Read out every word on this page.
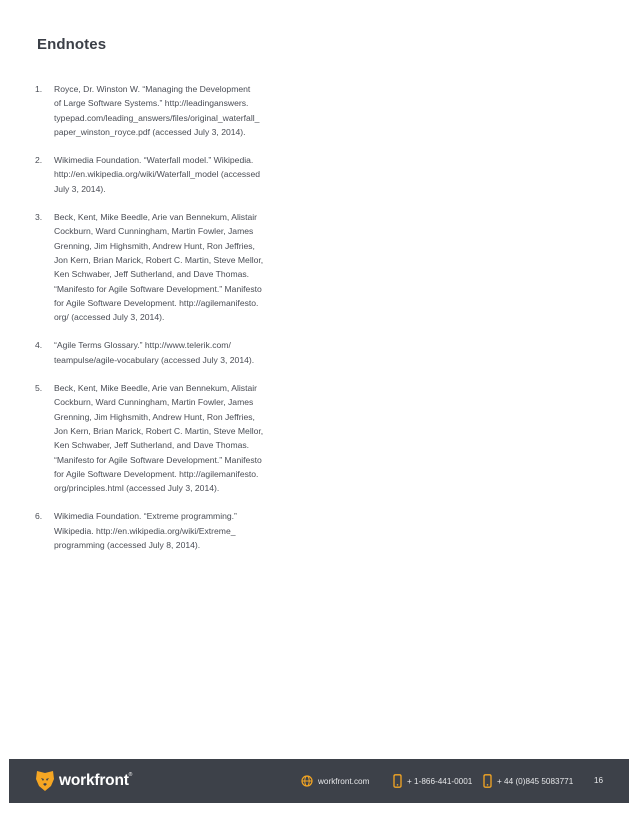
Endnotes
1.	Royce, Dr. Winston W. “Managing the Development
of Large Software Systems.” http://leadinganswers.
typepad.com/leading_answers/files/original_waterfall_
paper_winston_royce.pdf (accessed July 3, 2014).

2.	Wikimedia Foundation. “Waterfall model.” Wikipedia.
http://en.wikipedia.org/wiki/Waterfall_model (accessed
July 3, 2014).

3.	Beck, Kent, Mike Beedle, Arie van Bennekum, Alistair
Cockburn, Ward Cunningham, Martin Fowler, James
Grenning, Jim Highsmith, Andrew Hunt, Ron Jeffries,
Jon Kern, Brian Marick, Robert C. Martin, Steve Mellor,
Ken Schwaber, Jeff Sutherland, and Dave Thomas.
“Manifesto for Agile Software Development.” Manifesto
for Agile Software Development. http://agilemanifesto.
org/ (accessed July 3, 2014).

4.	“Agile Terms Glossary.” http://www.telerik.com/
teampulse/agile-vocabulary (accessed July 3, 2014).

5.	Beck, Kent, Mike Beedle, Arie van Bennekum, Alistair
Cockburn, Ward Cunningham, Martin Fowler, James
Grenning, Jim Highsmith, Andrew Hunt, Ron Jeffries,
Jon Kern, Brian Marick, Robert C. Martin, Steve Mellor,
Ken Schwaber, Jeff Sutherland, and Dave Thomas.
“Manifesto for Agile Software Development.” Manifesto
for Agile Software Development. http://agilemanifesto.
org/principles.html (accessed July 3, 2014).

6.	Wikimedia Foundation. “Extreme programming.”
Wikipedia. http://en.wikipedia.org/wiki/Extreme_
programming (accessed July 8, 2014).

workfront ®
workfront.com	+ 1-866-441-0001	+ 44 (0)845 5083771	16
